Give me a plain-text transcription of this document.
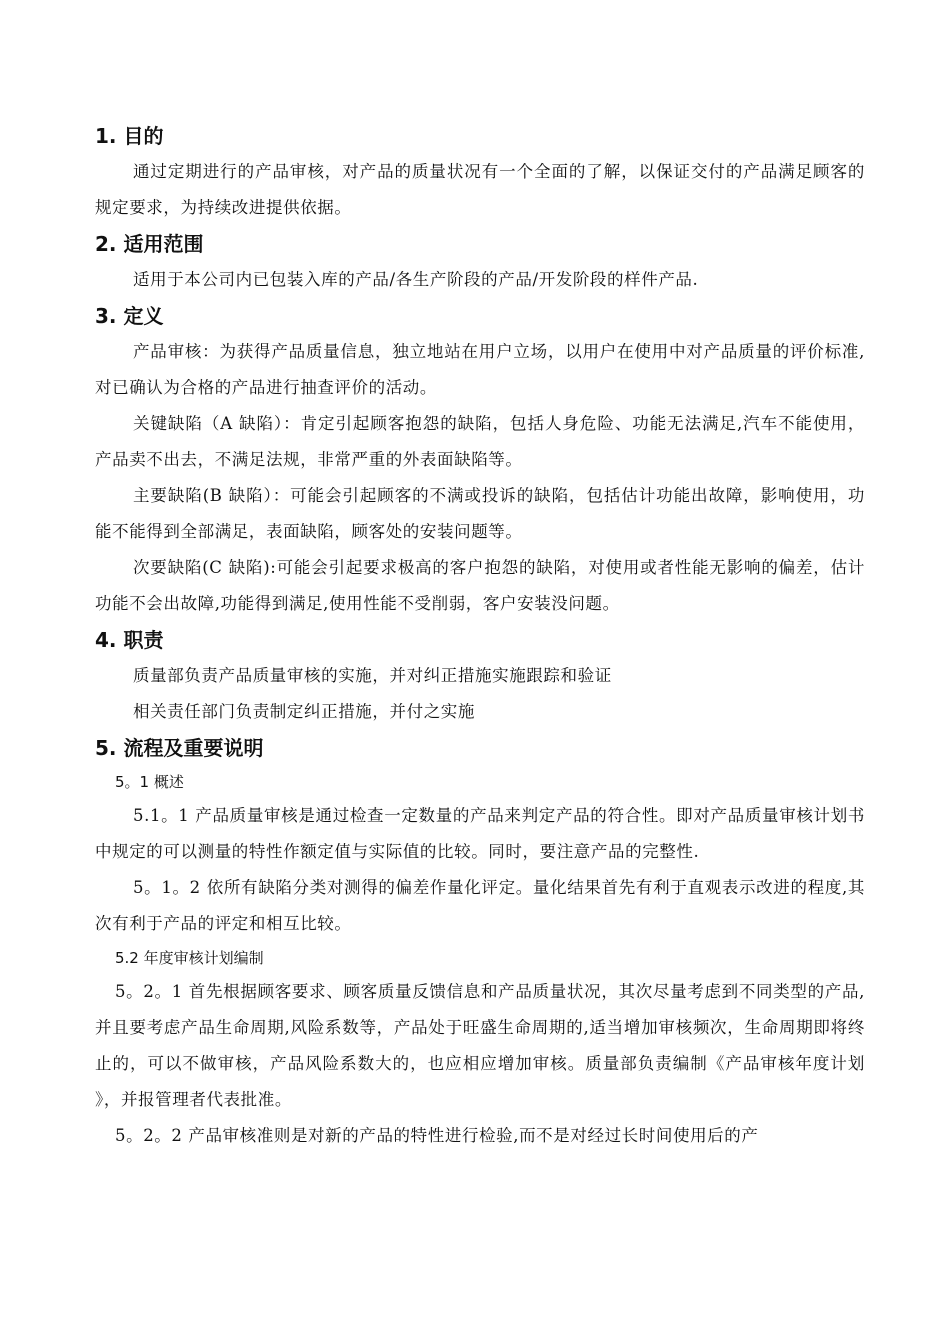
1. 目的

通过定期进行的产品审核，对产品的质量状况有一个全面的了解，以保证交付的产品满足顾客的规定要求，为持续改进提供依据。

2. 适用范围

适用于本公司内已包装入库的产品/各生产阶段的产品/开发阶段的样件产品.

3. 定义

产品审核：为获得产品质量信息，独立地站在用户立场，以用户在使用中对产品质量的评价标准,对已确认为合格的产品进行抽查评价的活动。

关键缺陷（A 缺陷）：肯定引起顾客抱怨的缺陷，包括人身危险、功能无法满足,汽车不能使用，产品卖不出去，不满足法规，非常严重的外表面缺陷等。

主要缺陷(B 缺陷）：可能会引起顾客的不满或投诉的缺陷，包括估计功能出故障，影响使用，功能不能得到全部满足，表面缺陷，顾客处的安装问题等。

次要缺陷(C 缺陷):可能会引起要求极高的客户抱怨的缺陷，对使用或者性能无影响的偏差，估计功能不会出故障,功能得到满足,使用性能不受削弱，客户安装没问题。

4. 职责

质量部负责产品质量审核的实施，并对纠正措施实施跟踪和验证

相关责任部门负责制定纠正措施，并付之实施

5. 流程及重要说明
5。1 概述

5.1。1 产品质量审核是通过检查一定数量的产品来判定产品的符合性。即对产品质量审核计划书中规定的可以测量的特性作额定值与实际值的比较。同时，要注意产品的完整性.

5。1。2 依所有缺陷分类对测得的偏差作量化评定。量化结果首先有利于直观表示改进的程度,其次有利于产品的评定和相互比较。

5.2 年度审核计划编制

5。2。1 首先根据顾客要求、顾客质量反馈信息和产品质量状况，其次尽量考虑到不同类型的产品,并且要考虑产品生命周期,风险系数等，产品处于旺盛生命周期的,适当增加审核频次，生命周期即将终止的，可以不做审核，产品风险系数大的，也应相应增加审核。质量部负责编制《产品审核年度计划 》，并报管理者代表批准。

5。2。2 产品审核准则是对新的产品的特性进行检验,而不是对经过长时间使用后的产
